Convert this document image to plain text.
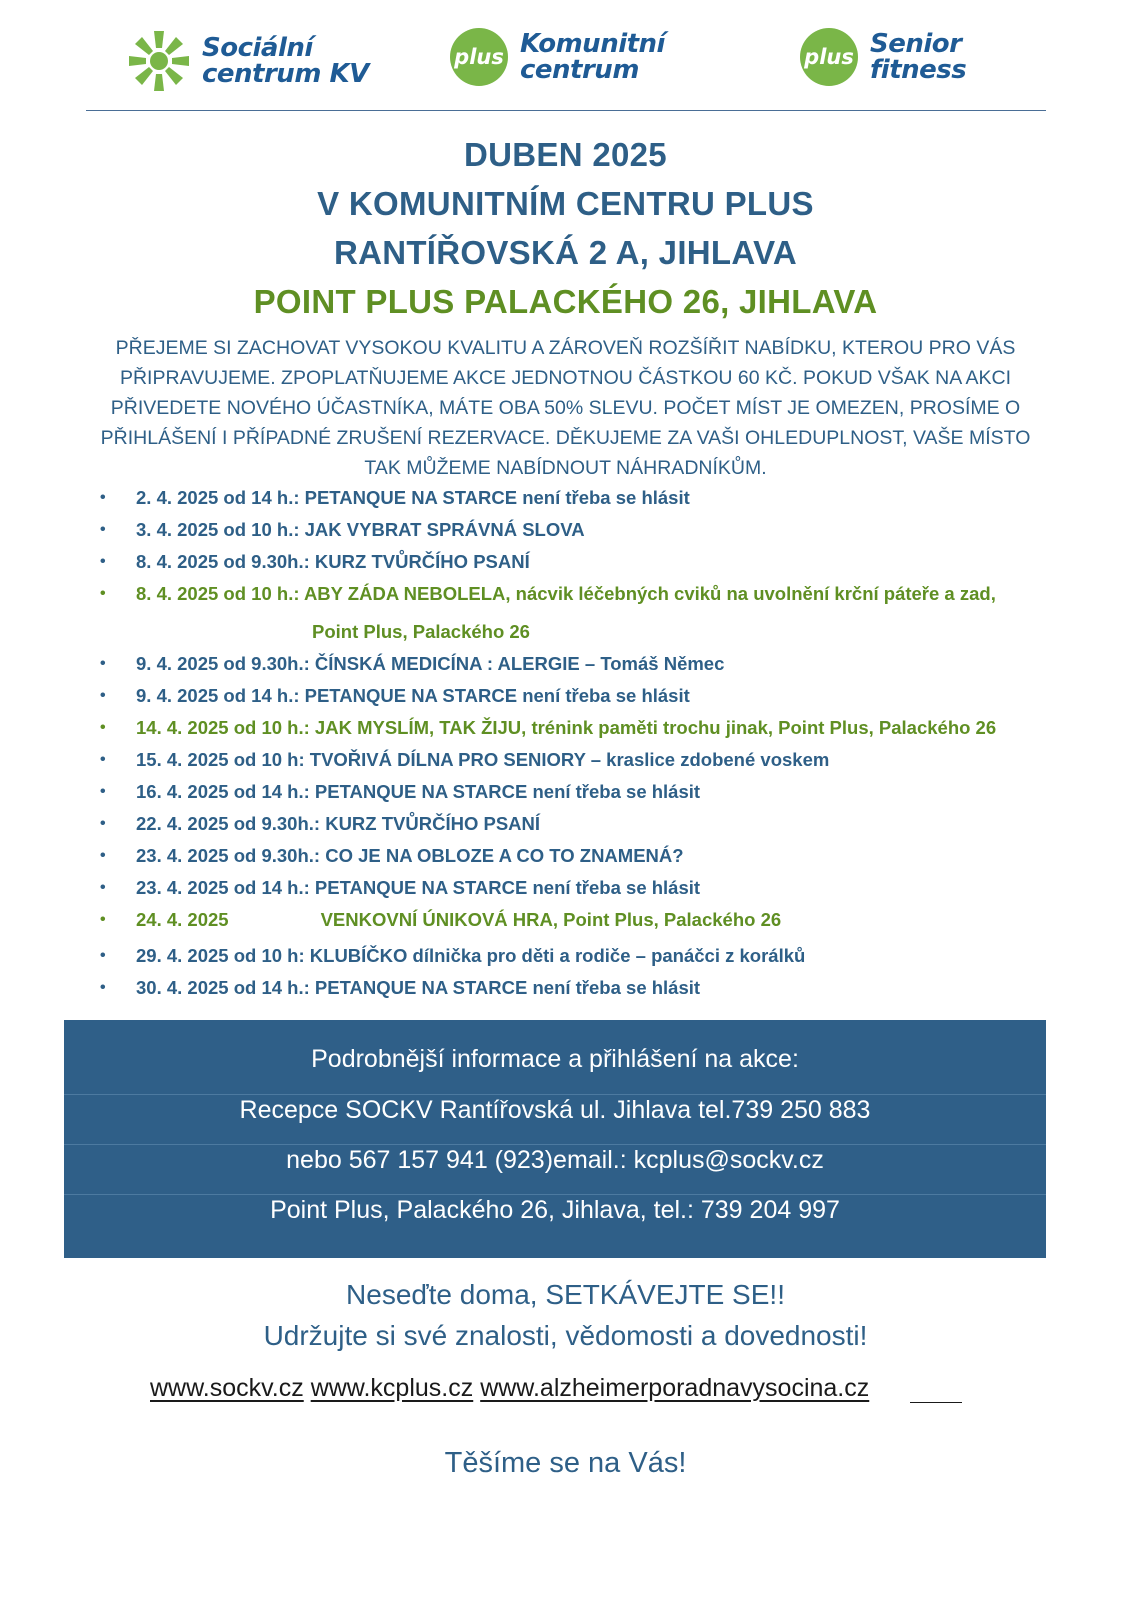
Sociální
centrum KV
plus Komunitní
centrum	plus Senior
fitness
DUBEN 2025
V KOMUNITNÍM CENTRU PLUS
RANTÍŘOVSKÁ 2 A, JIHLAVA
POINT PLUS PALACKÉHO 26, JIHLAVA
PŘEJEME SI ZACHOVAT VYSOKOU KVALITU A ZÁROVEŇ ROZŠÍŘIT NABÍDKU, KTEROU PRO VÁS
PŘIPRAVUJEME. ZPOPLATŇUJEME AKCE JEDNOTNOU ČÁSTKOU 60 KČ. POKUD VŠAK NA AKCI
PŘIVEDETE NOVÉHO ÚČASTNÍKA, MÁTE OBA 50% SLEVU. POČET MÍST JE OMEZEN, PROSÍME O
PŘIHLÁŠENÍ I PŘÍPADNÉ ZRUŠENÍ REZERVACE. DĚKUJEME ZA VAŠI OHLEDUPLNOST, VAŠE MÍSTO
TAK MŮŽEME NABÍDNOUT NÁHRADNÍKŮM.
• 2. 4. 2025 od 14 h.: PETANQUE NA STARCE není třeba se hlásit
• 3. 4. 2025 od 10 h.: JAK VYBRAT SPRÁVNÁ SLOVA
• 8. 4. 2025 od 9.30h.: KURZ TVŮRČÍHO PSANÍ
• 8. 4. 2025 od 10 h.: ABY ZÁDA NEBOLELA, nácvik léčebných cviků na uvolnění krční páteře a zad,
Point Plus, Palackého 26
• 9. 4. 2025 od 9.30h.: ČÍNSKÁ MEDICÍNA : ALERGIE – Tomáš Němec
• 9. 4. 2025 od 14 h.: PETANQUE NA STARCE není třeba se hlásit
• 14. 4. 2025 od 10 h.: JAK MYSLÍM, TAK ŽIJU, trénink paměti trochu jinak, Point Plus, Palackého 26
• 15. 4. 2025 od 10 h: TVOŘIVÁ DÍLNA PRO SENIORY – kraslice zdobené voskem
• 16. 4. 2025 od 14 h.: PETANQUE NA STARCE není třeba se hlásit
• 22. 4. 2025 od 9.30h.: KURZ TVŮRČÍHO PSANÍ
• 23. 4. 2025 od 9.30h.: CO JE NA OBLOZE A CO TO ZNAMENÁ?
• 23. 4. 2025 od 14 h.: PETANQUE NA STARCE není třeba se hlásit
• 24. 4. 2025	VENKOVNÍ ÚNIKOVÁ HRA, Point Plus, Palackého 26
• 29. 4. 2025 od 10 h: KLUBÍČKO dílnička pro děti a rodiče – panáčci z korálků
• 30. 4. 2025 od 14 h.: PETANQUE NA STARCE není třeba se hlásit
Podrobnější informace a přihlášení na akce:
Recepce SOCKV Rantířovská ul. Jihlava tel.739 250 883
nebo 567 157 941 (923)email.: kcplus@sockv.cz
Point Plus, Palackého 26, Jihlava, tel.: 739 204 997
Neseďte doma, SETKÁVEJTE SE!!
Udržujte si své znalosti, vědomosti a dovednosti!
www.sockv.cz www.kcplus.cz www.alzheimerporadnavysocina.cz
Těšíme se na Vás!
